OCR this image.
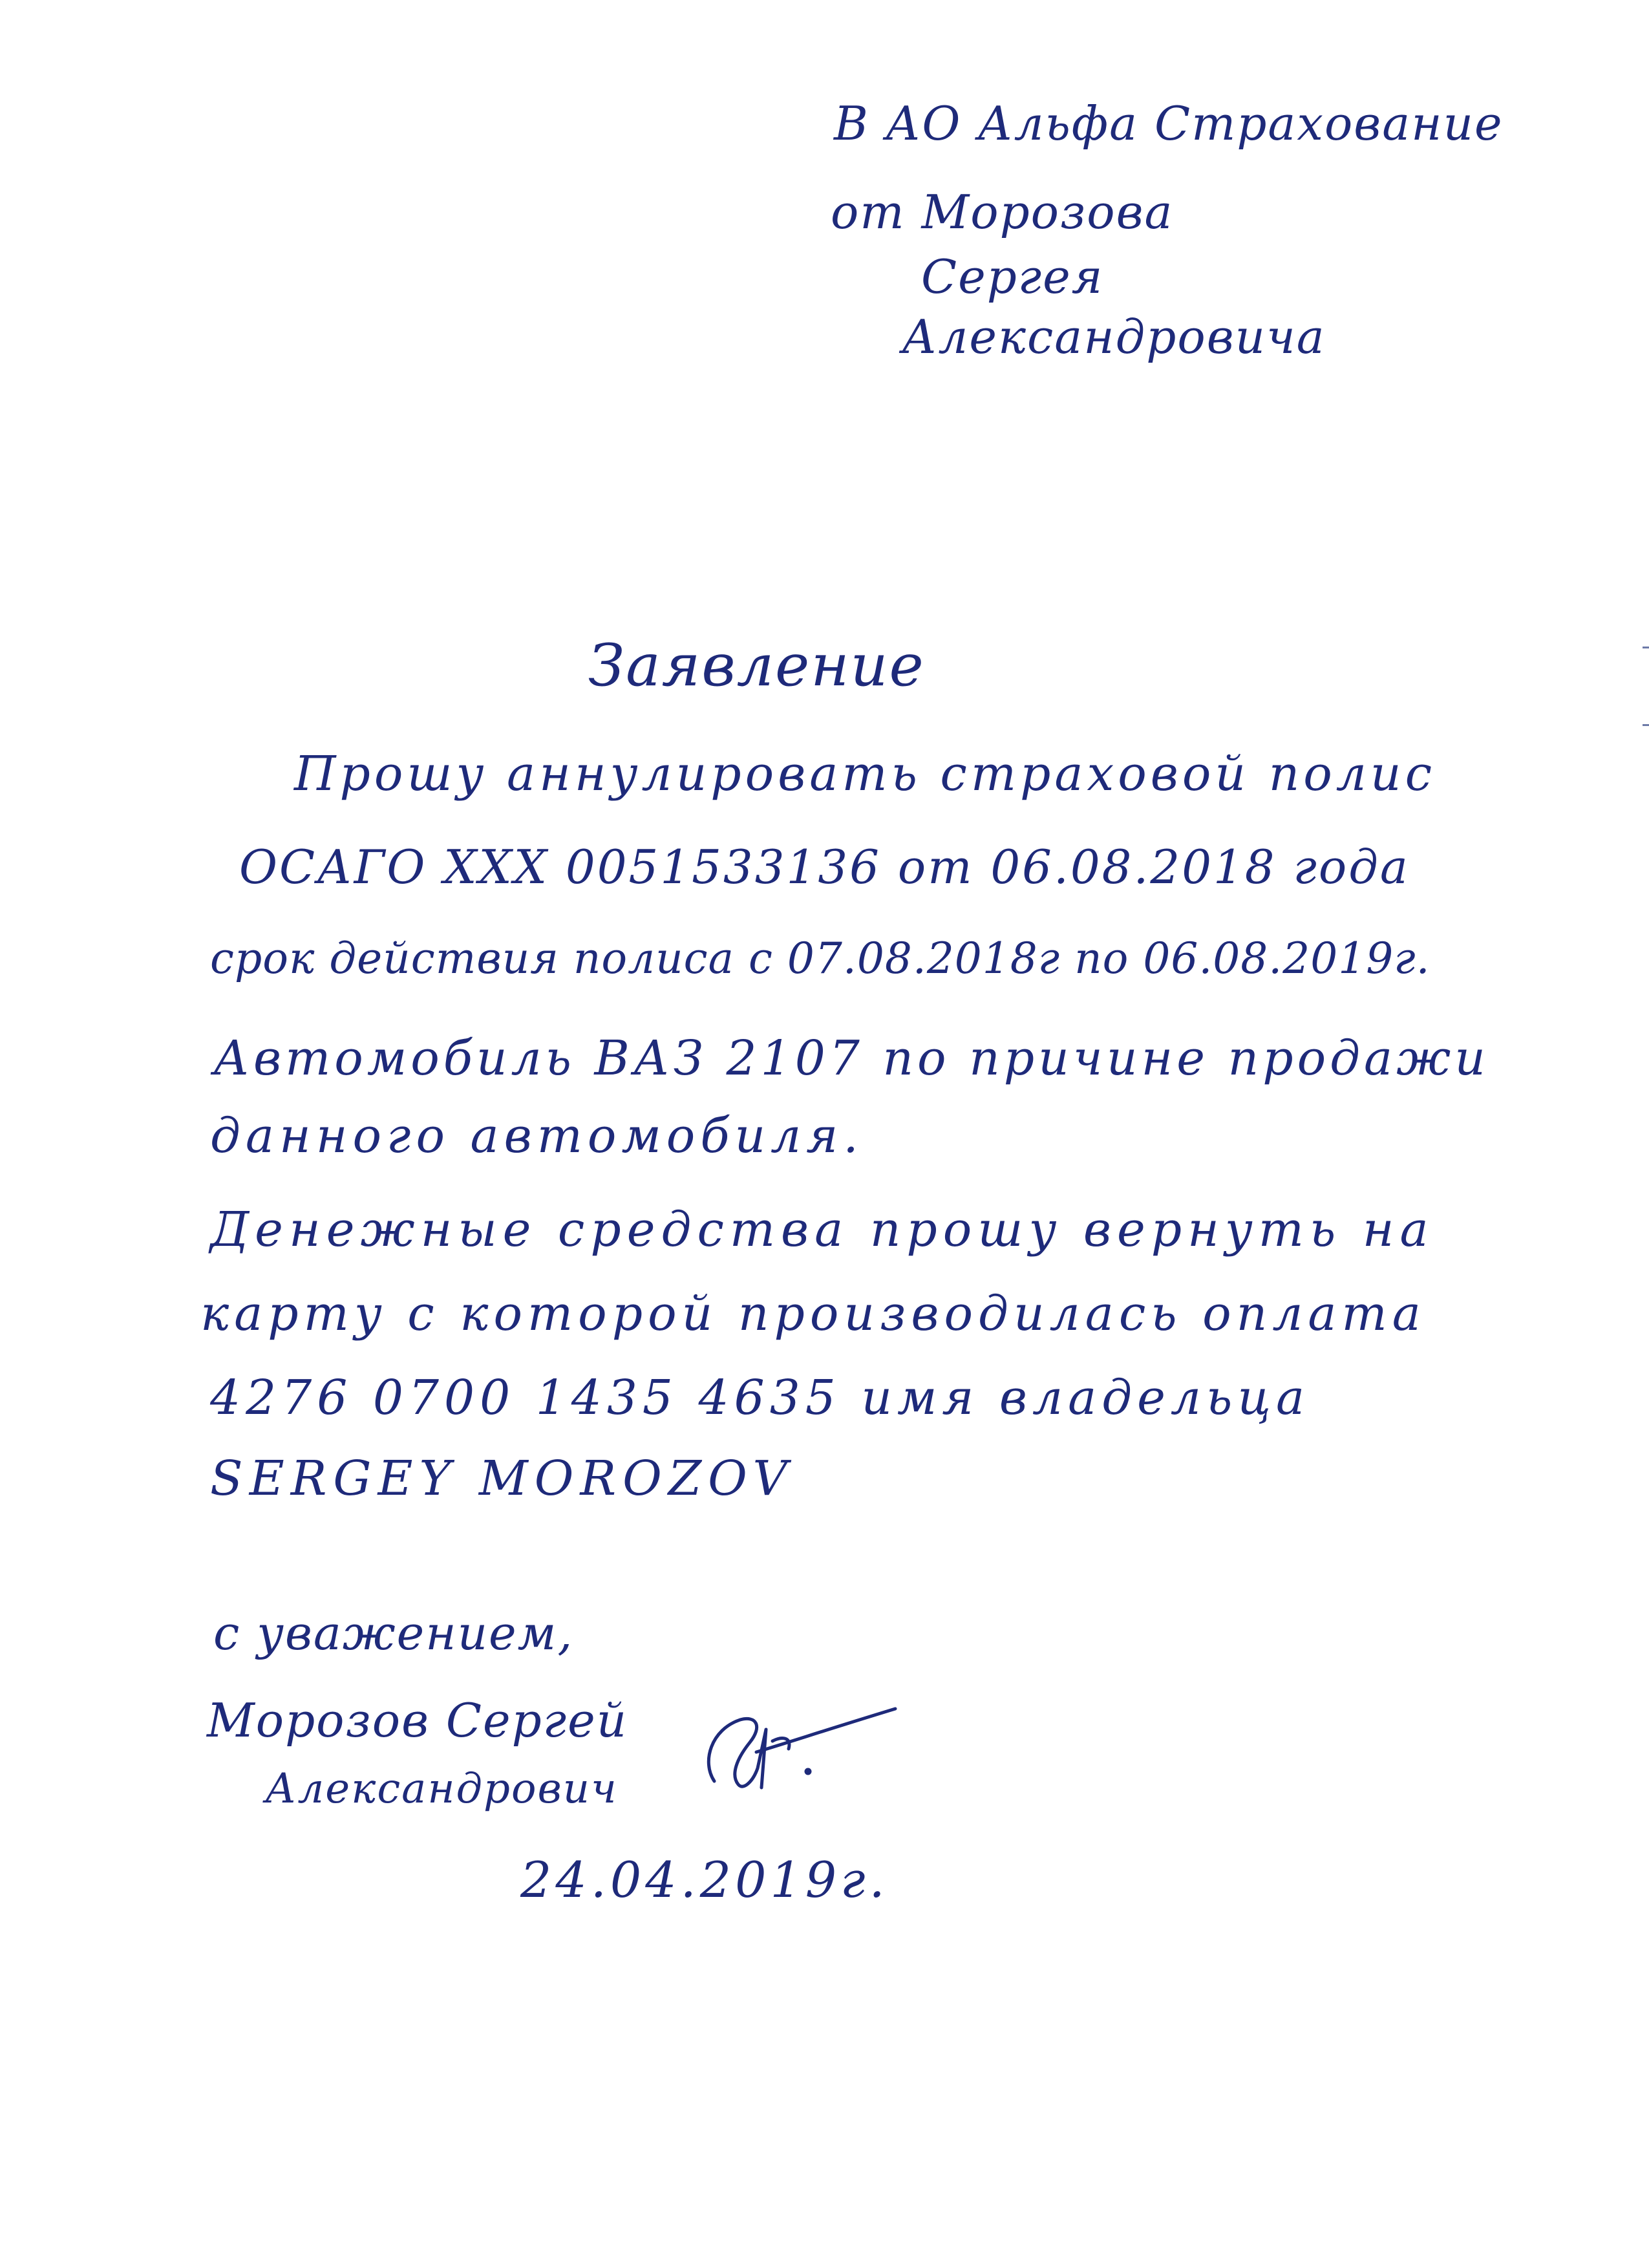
В АО Альфа Страхование
от Морозова
Сергея
Александровича
Заявление
Прошу аннулировать страховой полис
ОСАГО ХХХ 0051533136 от 06.08.2018 года
срок действия полиса с 07.08.2018г по 06.08.2019г.
Автомобиль ВАЗ 2107 по причине продажи
данного автомобиля.
Денежные средства прошу вернуть на
карту с которой производилась оплата
4276 0700 1435 4635 имя владельца
SERGEY MOROZOV
с уважением,
Морозов Сергей
Александрович
24.04.2019г.
